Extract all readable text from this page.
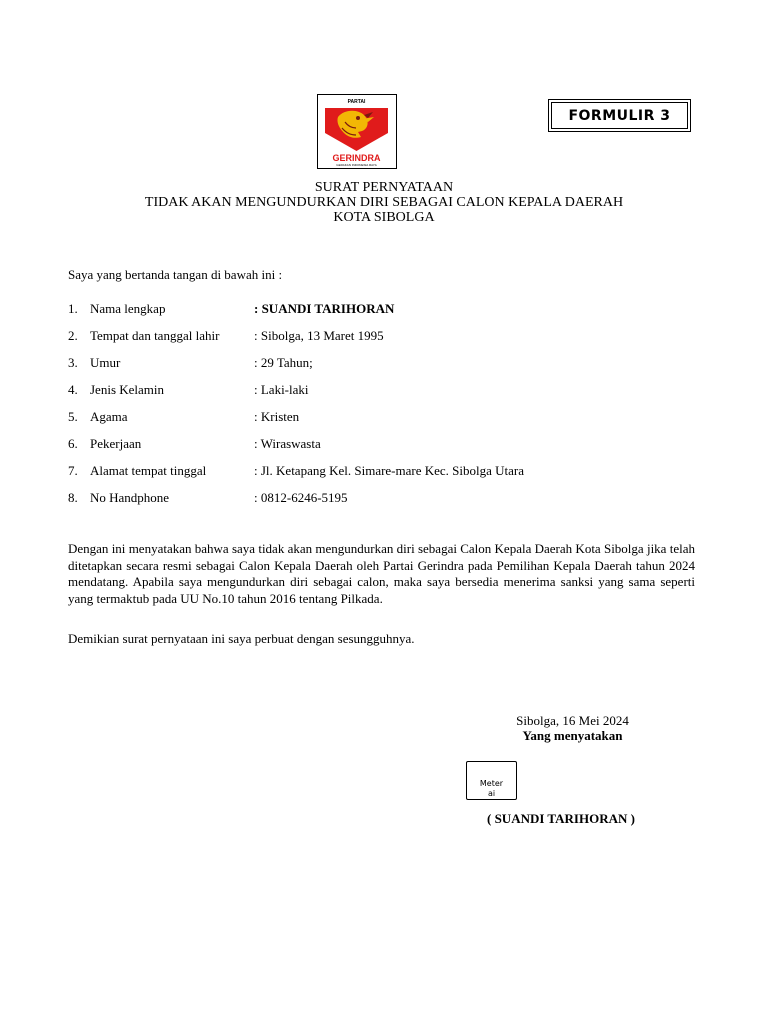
PARTAI
GERINDRA
GERAKAN INDONESIA RAYA
FORMULIR 3
SURAT PERNYATAAN
TIDAK AKAN MENGUNDURKAN DIRI SEBAGAI CALON KEPALA DAERAH
KOTA SIBOLGA
Saya yang bertanda tangan di bawah ini :
1. Nama lengkap	: SUANDI TARIHORAN
2. Tempat dan tanggal lahir	: Sibolga, 13 Maret 1995
3. Umur	: 29 Tahun;
4. Jenis Kelamin	: Laki-laki
5. Agama	: Kristen
6. Pekerjaan	: Wiraswasta
7. Alamat tempat tinggal	: Jl. Ketapang Kel. Simare-mare Kec. Sibolga Utara
8. No Handphone	: 0812-6246-5195
Dengan ini menyatakan bahwa saya tidak akan mengundurkan diri sebagai Calon Kepala Daerah Kota Sibolga jika telah ditetapkan secara resmi sebagai Calon Kepala Daerah oleh Partai Gerindra pada Pemilihan Kepala Daerah tahun 2024 mendatang. Apabila saya mengundurkan diri sebagai calon, maka saya bersedia menerima sanksi yang sama seperti yang termaktub pada UU No.10 tahun 2016 tentang Pilkada.
Demikian surat pernyataan ini saya perbuat dengan sesungguhnya.
Sibolga, 16 Mei 2024
Yang menyatakan
Meter
ai
( SUANDI TARIHORAN )
